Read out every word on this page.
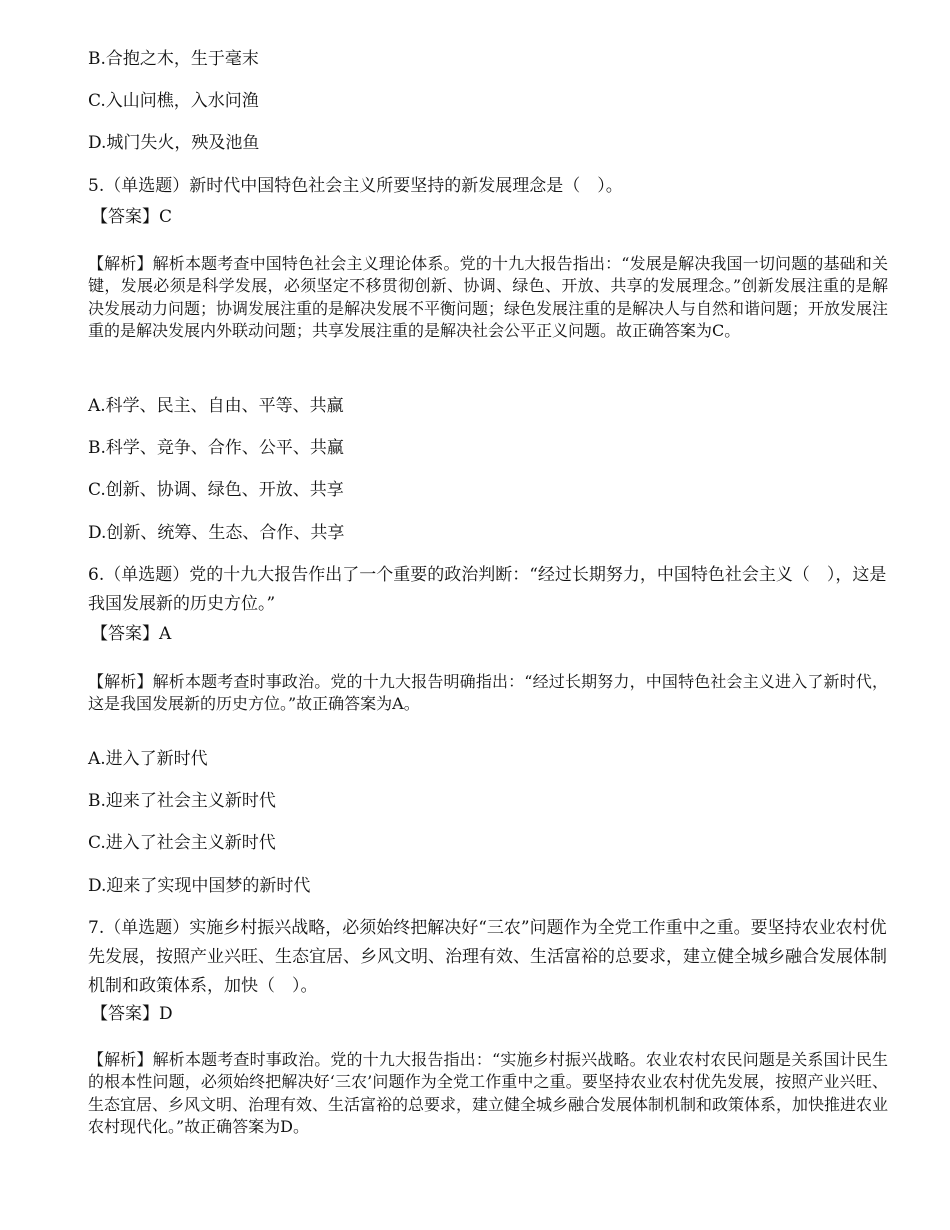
B.合抱之木，生于毫末

C.入山问樵，入水问渔

D.城门失火，殃及池鱼

5.（单选题）新时代中国特色社会主义所要坚持的新发展理念是（　）。

【答案】C

【解析】解析本题考查中国特色社会主义理论体系。党的十九大报告指出：“发展是解决我国一切问题的基础和关键，发展必须是科学发展，必须坚定不移贯彻创新、协调、绿色、开放、共享的发展理念。”创新发展注重的是解决发展动力问题；协调发展注重的是解决发展不平衡问题；绿色发展注重的是解决人与自然和谐问题；开放发展注重的是解决发展内外联动问题；共享发展注重的是解决社会公平正义问题。故正确答案为C。

A.科学、民主、自由、平等、共赢

B.科学、竞争、合作、公平、共赢

C.创新、协调、绿色、开放、共享

D.创新、统筹、生态、合作、共享

6.（单选题）党的十九大报告作出了一个重要的政治判断：“经过长期努力，中国特色社会主义（　），这是我国发展新的历史方位。”

【答案】A

【解析】解析本题考查时事政治。党的十九大报告明确指出：“经过长期努力，中国特色社会主义进入了新时代，这是我国发展新的历史方位。”故正确答案为A。

A.进入了新时代

B.迎来了社会主义新时代

C.进入了社会主义新时代

D.迎来了实现中国梦的新时代

7.（单选题）实施乡村振兴战略，必须始终把解决好“三农”问题作为全党工作重中之重。要坚持农业农村优先发展，按照产业兴旺、生态宜居、乡风文明、治理有效、生活富裕的总要求，建立健全城乡融合发展体制机制和政策体系，加快（　）。

【答案】D

【解析】解析本题考查时事政治。党的十九大报告指出：“实施乡村振兴战略。农业农村农民问题是关系国计民生的根本性问题，必须始终把解决好‘三农’问题作为全党工作重中之重。要坚持农业农村优先发展，按照产业兴旺、生态宜居、乡风文明、治理有效、生活富裕的总要求，建立健全城乡融合发展体制机制和政策体系，加快推进农业农村现代化。”故正确答案为D。
